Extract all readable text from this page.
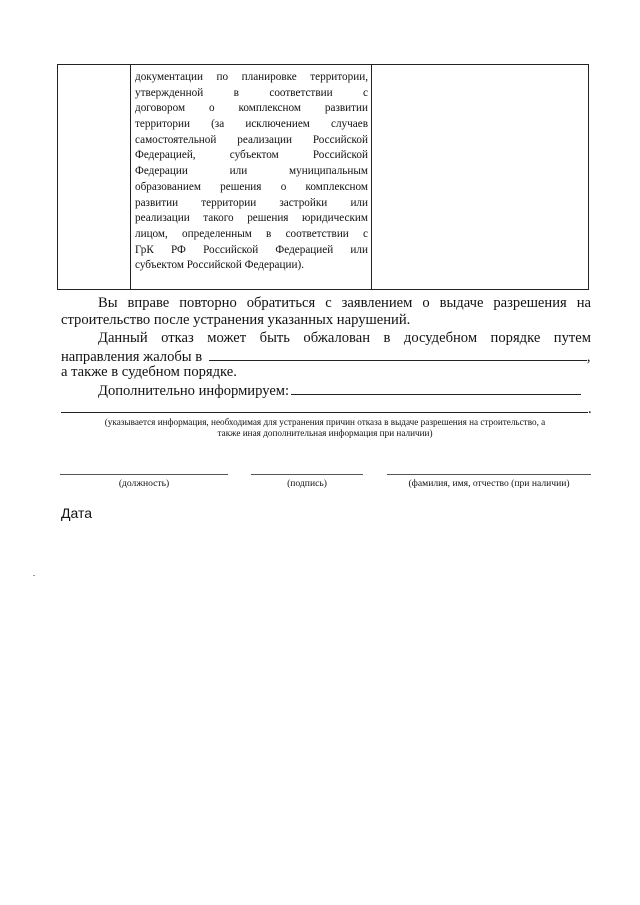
документации по планировке территории,
утвержденной в соответствии с
договором о комплексном развитии
территории (за исключением случаев
самостоятельной реализации Российской
Федерацией, субъектом Российской
Федерации или муниципальным
образованием решения о комплексном
развитии территории застройки или
реализации такого решения юридическим
лицом, определенным в соответствии с
ГрК РФ Российской Федерацией или
субъектом Российской Федерации).
Вы вправе повторно обратиться с заявлением о выдаче разрешения на
строительство после устранения указанных нарушений.
Данный отказ может быть обжалован в досудебном порядке путем
направления жалобы в	,
а также в судебном порядке.
Дополнительно информируем:
.
(указывается информация, необходимая для устранения причин отказа в выдаче разрешения на строительство, а
также иная дополнительная информация при наличии)
(должность)	(подпись)	(фамилия, имя, отчество (при наличии)
Дата
